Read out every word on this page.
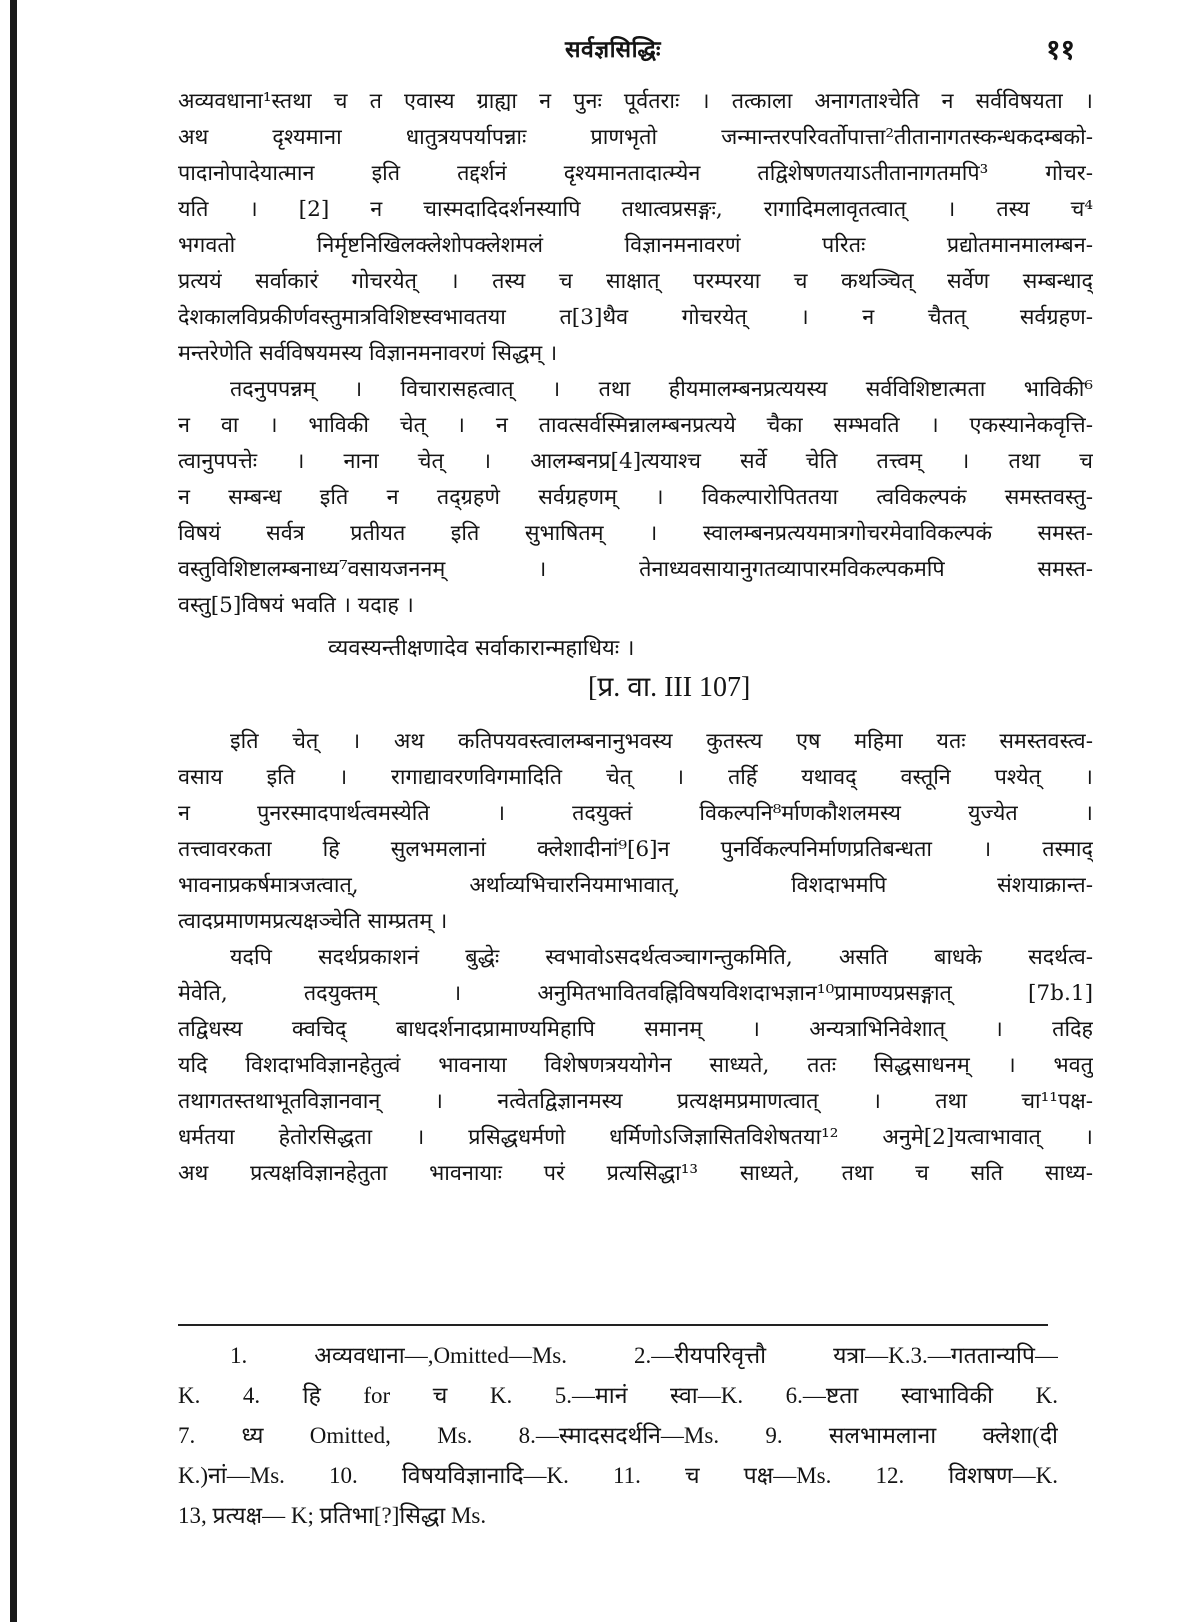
सर्वज्ञसिद्धिः	११
अव्यवधाना¹स्तथा च त एवास्य ग्राह्या न पुनः पूर्वतराः । तत्काला अनागताश्चेति न सर्वविषयता ।
अथ दृश्यमाना धातुत्रयपर्यापन्नाः प्राणभृतो जन्मान्तरपरिवर्तोपात्ता²तीतानागतस्कन्धकदम्बको-
पादानोपादेयात्मान इति तद्दर्शनं दृश्यमानतादात्म्येन तद्विशेषणतयाऽतीतानागतमपि³ गोचर-
यति । [2] न चास्मदादिदर्शनस्यापि तथात्वप्रसङ्गः, रागादिमलावृतत्वात् । तस्य च⁴
भगवतो निर्मृष्टनिखिलक्लेशोपक्लेशमलं विज्ञानमनावरणं परितः प्रद्योतमानमालम्बन-
प्रत्ययं सर्वाकारं गोचरयेत् । तस्य च साक्षात् परम्परया च कथञ्चित् सर्वेण सम्बन्धाद्
देशकालविप्रकीर्णवस्तुमात्रविशिष्टस्वभावतया त[3]थैव गोचरयेत् । न चैतत् सर्वग्रहण-
मन्तरेणेति सर्वविषयमस्य विज्ञानमनावरणं सिद्धम् ।
तदनुपपन्नम् । विचारासहत्वात् । तथा हीयमालम्बनप्रत्ययस्य सर्वविशिष्टात्मता भाविकी⁶
न वा । भाविकी चेत् । न तावत्सर्वस्मिन्नालम्बनप्रत्यये चैका सम्भवति । एकस्यानेकवृत्ति-
त्वानुपपत्तेः । नाना चेत् । आलम्बनप्र[4]त्ययाश्च सर्वे चेति तत्त्वम् । तथा च
न सम्बन्ध इति न तद्ग्रहणे सर्वग्रहणम् । विकल्पारोपिततया त्वविकल्पकं समस्तवस्तु-
विषयं सर्वत्र प्रतीयत इति सुभाषितम् । स्वालम्बनप्रत्ययमात्रगोचरमेवाविकल्पकं समस्त-
वस्तुविशिष्टालम्बनाध्य⁷वसायजननम् । तेनाध्यवसायानुगतव्यापारमविकल्पकमपि समस्त-
वस्तु[5]विषयं भवति । यदाह ।
व्यवस्यन्तीक्षणादेव सर्वाकारान्महाधियः ।
[प्र. वा. III 107]
इति चेत् । अथ कतिपयवस्त्वालम्बनानुभवस्य कुतस्त्य एष महिमा यतः समस्तवस्त्व-
वसाय इति । रागाद्यावरणविगमादिति चेत् । तर्हि यथावद् वस्तूनि पश्येत् ।
न पुनरस्मादपार्थत्वमस्येति । तदयुक्तं विकल्पनि⁸र्माणकौशलमस्य युज्येत ।
तत्त्वावरकता हि सुलभमलानां क्लेशादीनां⁹[6]न पुनर्विकल्पनिर्माणप्रतिबन्धता । तस्माद्
भावनाप्रकर्षमात्रजत्वात्, अर्थाव्यभिचारनियमाभावात्, विशदाभमपि संशयाक्रान्त-
त्वादप्रमाणमप्रत्यक्षञ्चेति साम्प्रतम् ।
यदपि सदर्थप्रकाशनं बुद्धेः स्वभावोऽसदर्थत्वञ्चागन्तुकमिति, असति बाधके सदर्थत्व-
मेवेति, तदयुक्तम् । अनुमितभावितवह्निविषयविशदाभज्ञान¹⁰प्रामाण्यप्रसङ्गात् [7b.1]
तद्विधस्य क्वचिद् बाधदर्शनादप्रामाण्यमिहापि समानम् । अन्यत्राभिनिवेशात् । तदिह
यदि विशदाभविज्ञानहेतुत्वं भावनाया विशेषणत्रययोगेन साध्यते, ततः सिद्धसाधनम् । भवतु
तथागतस्तथाभूतविज्ञानवान् । नत्वेतद्विज्ञानमस्य प्रत्यक्षमप्रमाणत्वात् । तथा चा¹¹पक्ष-
धर्मतया हेतोरसिद्धता । प्रसिद्धधर्मणो धर्मिणोऽजिज्ञासितविशेषतया¹² अनुमे[2]यत्वाभावात् ।
अथ प्रत्यक्षविज्ञानहेतुता भावनायाः परं प्रत्यसिद्धा¹³ साध्यते, तथा च सति साध्य-
1. अव्यवधाना—,Omitted—Ms. 2.—रीयपरिवृत्तौ यत्रा—K.3.—गततान्यपि—
K. 4. हि for च K. 5.—मानं स्वा—K. 6.—ष्टता स्वाभाविकी K.
7. ध्य Omitted, Ms. 8.—स्मादसदर्थनि—Ms. 9. सलभामलाना क्लेशा(दी
K.)नां—Ms. 10. विषयविज्ञानादि—K. 11. च पक्ष—Ms. 12. विशषण—K.
13, प्रत्यक्ष— K; प्रतिभा[?]सिद्धा Ms.
